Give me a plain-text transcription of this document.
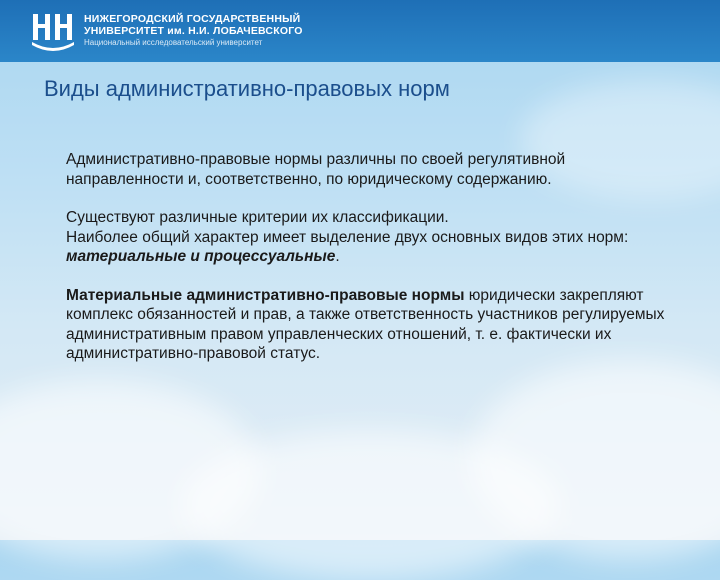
НИЖЕГОРОДСКИЙ ГОСУДАРСТВЕННЫЙ
УНИВЕРСИТЕТ им. Н.И. ЛОБАЧЕВСКОГО
Национальный исследовательский университет
Виды административно-правовых норм
Административно-правовые нормы различны по своей регулятивной направленности и, соответственно, по юридическому содержанию.
Существуют различные критерии их классификации.
Наиболее общий характер имеет выделение двух основных видов этих норм: материальные и процессуальные.
Материальные административно-правовые нормы юридически закрепляют комплекс обязанностей и прав, а также ответственность участников регулируемых административным правом управленческих отношений, т. е. фактически их административно-правовой статус.
